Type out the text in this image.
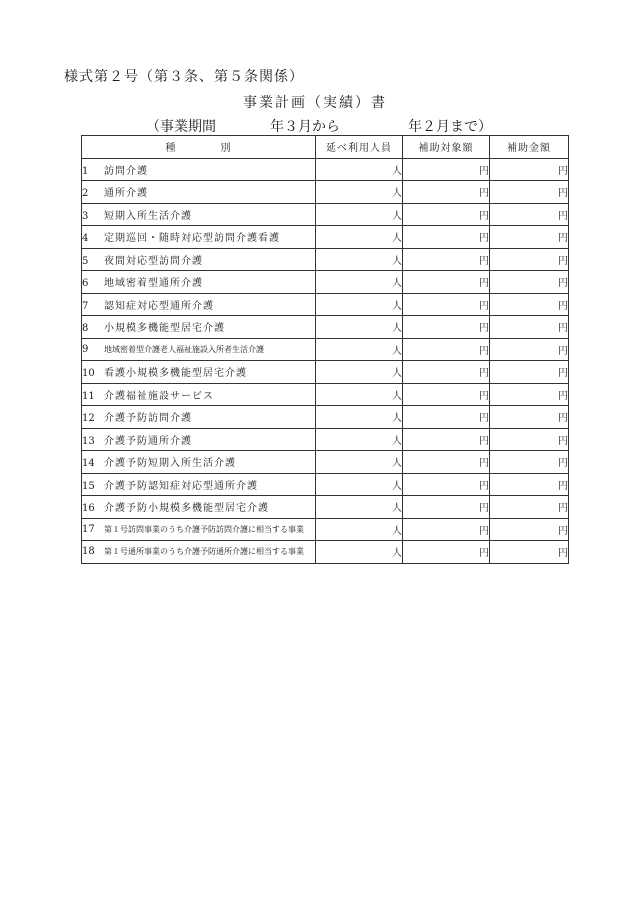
様式第２号（第３条、第５条関係）
事業計画（実績）書
（事業期間	年３月から	年２月まで）
種 別	延べ利用人員	補助対象額	補助金額
1 訪問介護	人	円	円
2 通所介護	人	円	円
3 短期入所生活介護	人	円	円
4 定期巡回・随時対応型訪問介護看護	人	円	円
5 夜間対応型訪問介護	人	円	円
6 地域密着型通所介護	人	円	円
7 認知症対応型通所介護	人	円	円
8 小規模多機能型居宅介護	人	円	円
9 地域密着型介護老人福祉施設入所者生活介護	人	円	円
10 看護小規模多機能型居宅介護	人	円	円
11 介護福祉施設サービス	人	円	円
12 介護予防訪問介護	人	円	円
13 介護予防通所介護	人	円	円
14 介護予防短期入所生活介護	人	円	円
15 介護予防認知症対応型通所介護	人	円	円
16 介護予防小規模多機能型居宅介護	人	円	円
17 第１号訪問事業のうち介護予防訪問介護に相当する事業	人	円	円
18 第１号通所事業のうち介護予防通所介護に相当する事業	人	円	円
